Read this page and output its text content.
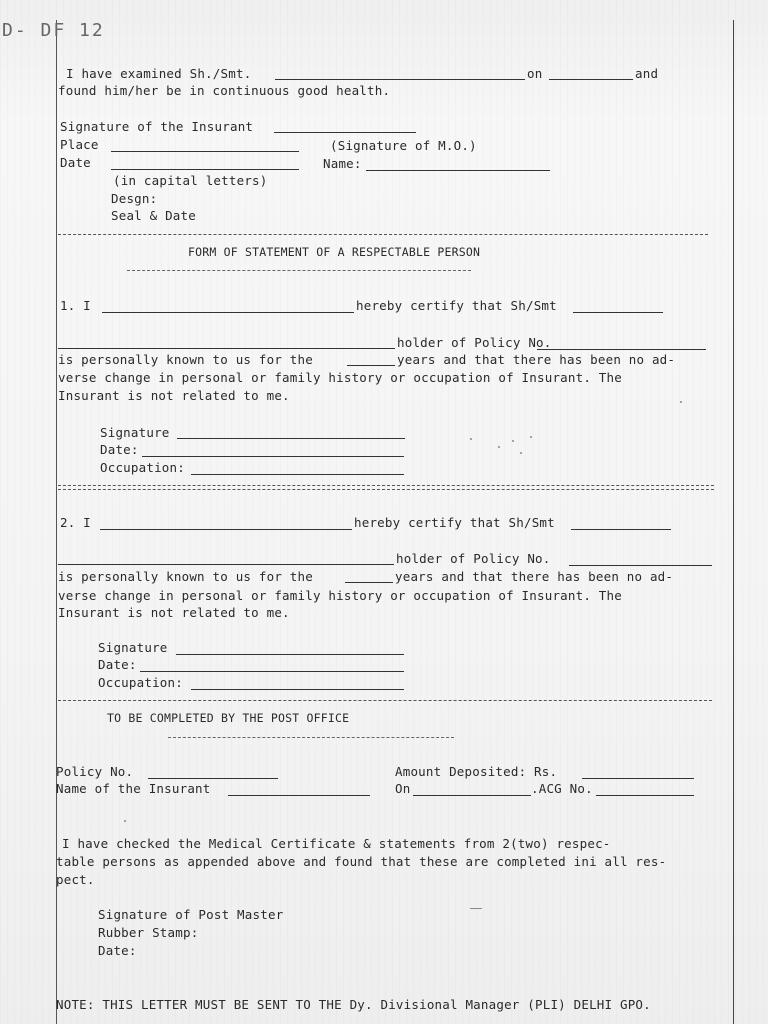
D- DF 12
I have examined Sh./Smt.	on	and
found him/her be in continuous good health.
Signature of the Insurant
Place	(Signature of M.O.)
Date	Name:
(in capital letters)
Desgn:
Seal & Date
FORM OF STATEMENT OF A RESPECTABLE PERSON
1. I	hereby certify that Sh/Smt
holder of Policy No.
is personally known to us for the	years and that there has been no ad-
verse change in personal or family history or occupation of Insurant. The
Insurant is not related to me.
Signature
Date:
Occupation:
2. I	hereby certify that Sh/Smt
holder of Policy No.
is personally known to us for the	years and that there has been no ad-
verse change in personal or family history or occupation of Insurant. The
Insurant is not related to me.
Signature
Date:
Occupation:
TO BE COMPLETED BY THE POST OFFICE
Policy No.	Amount Deposited: Rs.
Name of the Insurant	On	.ACG No.
I have checked the Medical Certificate & statements from 2(two) respec-
table persons as appended above and found that these are completed ini all res-
pect.
Signature of Post Master
Rubber Stamp:
Date:
NOTE: THIS LETTER MUST BE SENT TO THE Dy. Divisional Manager (PLI) DELHI GPO.
